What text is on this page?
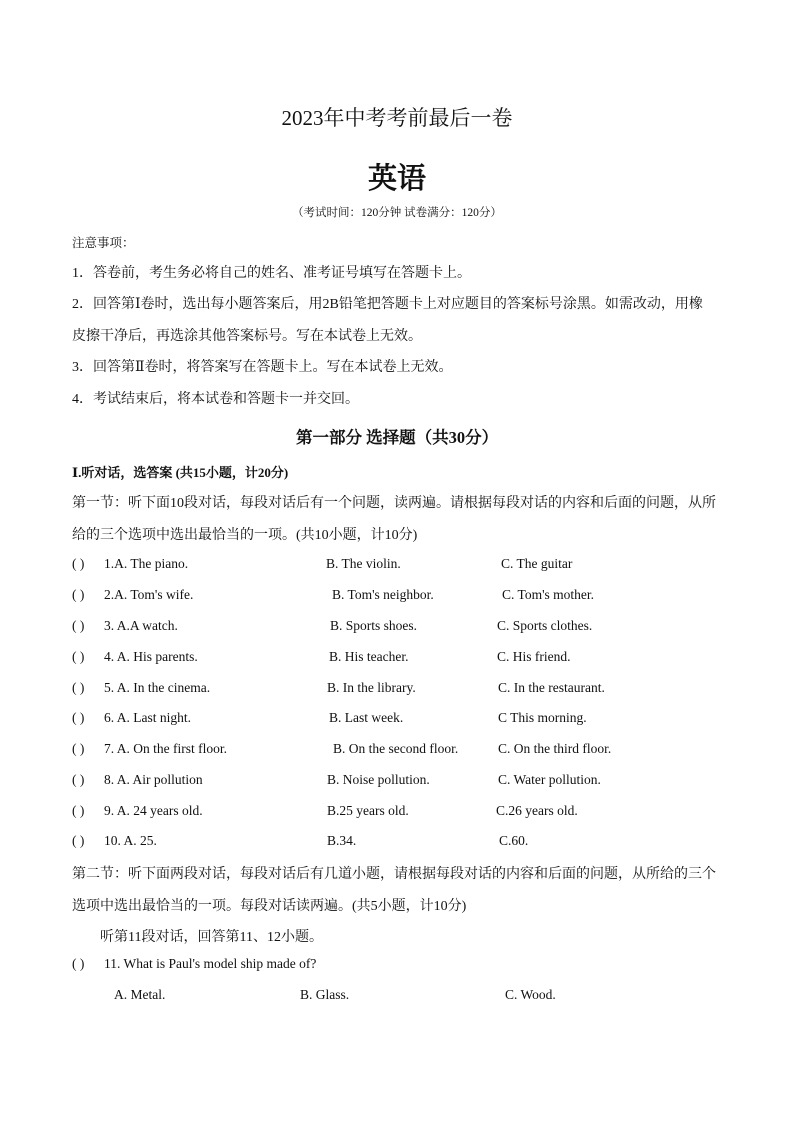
2023年中考考前最后一卷
英语
（考试时间：120分钟 试卷满分：120分）
注意事项：
1．答卷前，考生务必将自己的姓名、准考证号填写在答题卡上。
2．回答第Ⅰ卷时，选出每小题答案后，用2B铅笔把答题卡上对应题目的答案标号涂黑。如需改动，用橡
皮擦干净后，再选涂其他答案标号。写在本试卷上无效。
3．回答第Ⅱ卷时，将答案写在答题卡上。写在本试卷上无效。
4．考试结束后，将本试卷和答题卡一并交回。
第一部分 选择题（共30分）
Ⅰ.听对话，选答案 (共15小题，计20分)
第一节：听下面10段对话，每段对话后有一个问题，读两遍。请根据每段对话的内容和后面的问题，从所
给的三个选项中选出最恰当的一项。(共10小题，计10分)
( ) 1.A. The piano.	B. The violin.	C. The guitar
( ) 2.A. Tom's wife.	B. Tom's neighbor.	C. Tom's mother.
( ) 3. A.A watch.	B. Sports shoes.	C. Sports clothes.
( ) 4. A. His parents.	B. His teacher.	C. His friend.
( ) 5. A. In the cinema.	B. In the library.	C. In the restaurant.
( ) 6. A. Last night.	B. Last week.	C This morning.
( ) 7. A. On the first floor.	B. On the second floor.	C. On the third floor.
( ) 8. A. Air pollution	B. Noise pollution.	C. Water pollution.
( ) 9. A. 24 years old.	B.25 years old.	C.26 years old.
( ) 10. A. 25.	B.34.	C.60.
第二节：听下面两段对话，每段对话后有几道小题，请根据每段对话的内容和后面的问题，从所给的三个
选项中选出最恰当的一项。每段对话读两遍。(共5小题，计10分)
听第11段对话，回答第11、12小题。
( ) 11. What is Paul's model ship made of?
A. Metal.	B. Glass.	C. Wood.
